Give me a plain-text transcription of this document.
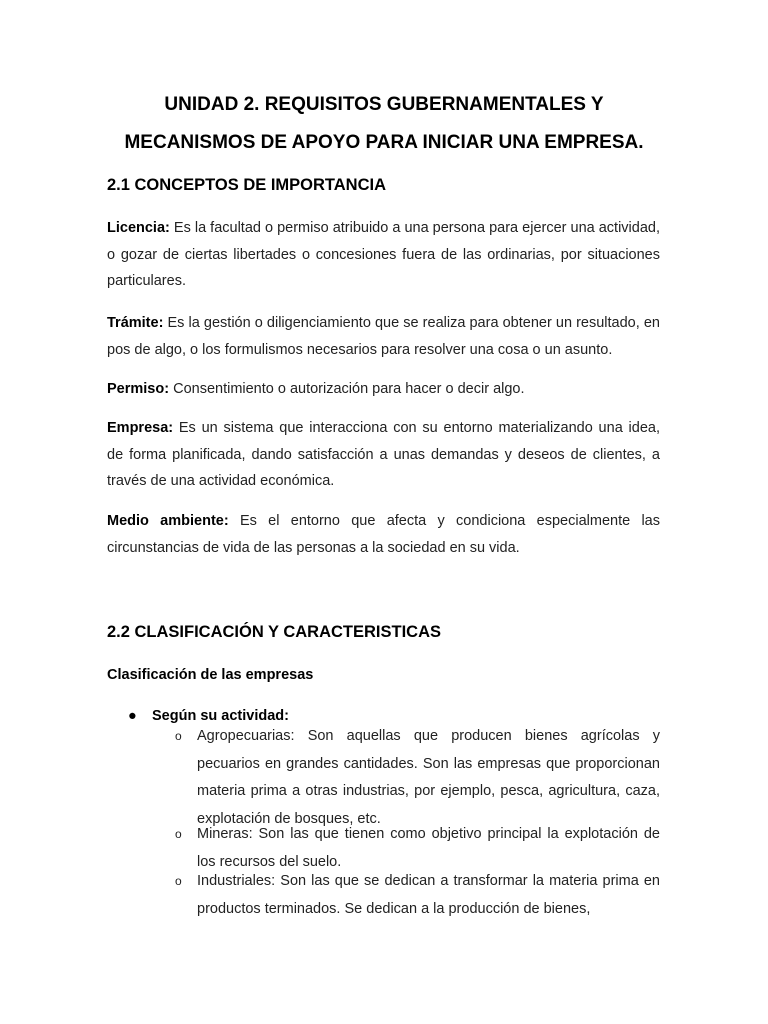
UNIDAD 2. REQUISITOS GUBERNAMENTALES Y
MECANISMOS DE APOYO PARA INICIAR UNA EMPRESA.
2.1 CONCEPTOS DE IMPORTANCIA

Licencia: Es la facultad o permiso atribuido a una persona para ejercer una actividad, o gozar de ciertas libertades o concesiones fuera de las ordinarias, por situaciones particulares.

Trámite: Es la gestión o diligenciamiento que se realiza para obtener un resultado, en pos de algo, o los formulismos necesarios para resolver una cosa o un asunto.

Permiso: Consentimiento o autorización para hacer o decir algo.

Empresa: Es un sistema que interacciona con su entorno materializando una idea, de forma planificada, dando satisfacción a unas demandas y deseos de clientes, a través de una actividad económica.

Medio ambiente: Es el entorno que afecta y condiciona especialmente las circunstancias de vida de las personas a la sociedad en su vida.

2.2 CLASIFICACIÓN Y CARACTERISTICAS
Clasificación de las empresas

● Según su actividad:

o Agropecuarias: Son aquellas que producen bienes agrícolas y pecuarios en grandes cantidades. Son las empresas que proporcionan materia prima a otras industrias, por ejemplo, pesca, agricultura, caza, explotación de bosques, etc.

o Mineras: Son las que tienen como objetivo principal la explotación de los recursos del suelo.

o Industriales: Son las que se dedican a transformar la materia prima en productos terminados. Se dedican a la producción de bienes,
